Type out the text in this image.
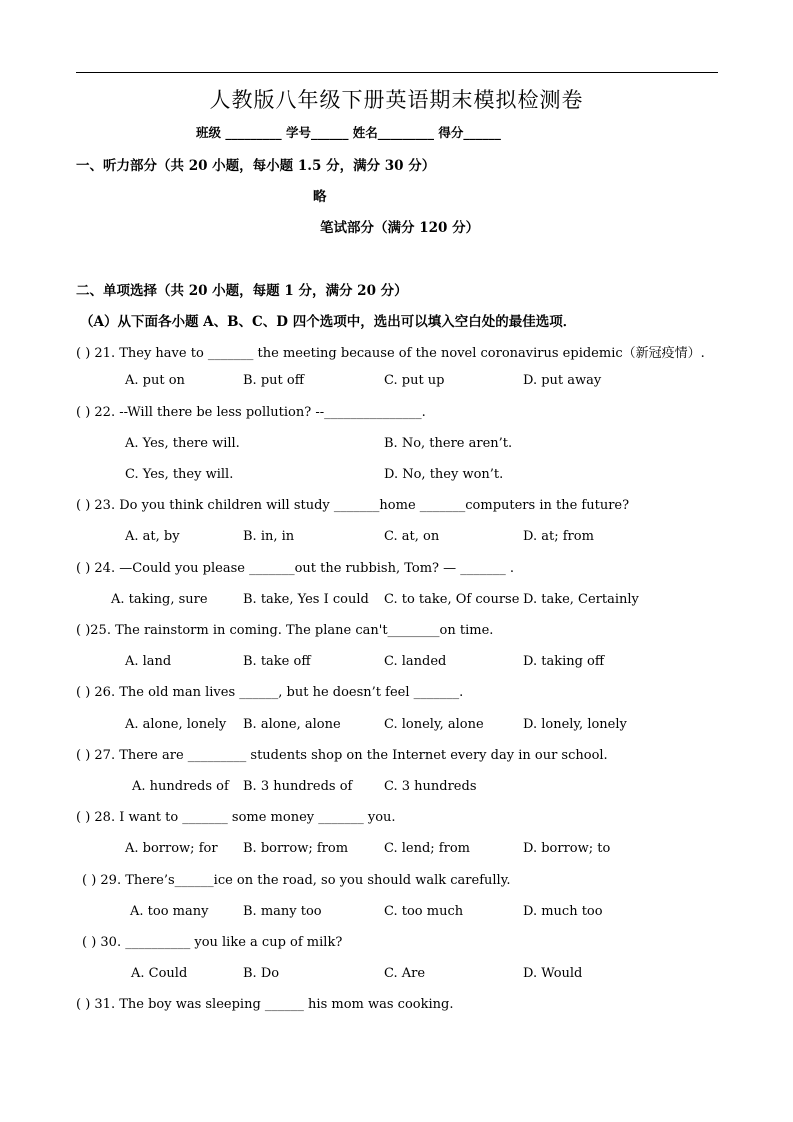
人教版八年级下册英语期末模拟检测卷
班级 _________ 学号______ 姓名_________ 得分______
一、听力部分（共 20 小题，每小题 1.5 分，满分 30 分）
略
笔试部分（满分 120 分）
二、单项选择（共 20 小题，每题 1 分，满分 20 分）
（A）从下面各小题 A、B、C、D 四个选项中，选出可以填入空白处的最佳选项．
( ) 21. They have to _______ the meeting because of the novel coronavirus epidemic（新冠疫情）.
A. put on	B. put off	C. put up	D. put away
( ) 22. --Will there be less pollution? --_______________.
A. Yes, there will.	B. No, there aren’t.
C. Yes, they will.	D. No, they won’t.
( ) 23. Do you think children will study _______home _______computers in the future?
A. at, by	B. in, in	C. at, on	D. at; from
( ) 24. —Could you please _______out the rubbish, Tom? — _______ .
A. taking, sure	B. take, Yes I could C. to take, Of course D. take, Certainly
( )25. The rainstorm in coming. The plane can't________on time.
A. land	B. take off	C. landed	D. taking off
( ) 26. The old man lives ______, but he doesn’t feel _______.
A. alone, lonely B. alone, alone	C. lonely, alone	D. lonely, lonely
( ) 27. There are _________ students shop on the Internet every day in our school.
A. hundreds of B. 3 hundreds of C. 3 hundreds
( ) 28. I want to _______ some money _______ you.
A. borrow; for B. borrow; from	C. lend; from	D. borrow; to
( ) 29. There’s______ice on the road, so you should walk carefully.
A. too many	B. many too	C. too much	D. much too
( ) 30. __________ you like a cup of milk?
A. Could	B. Do	C. Are	D. Would
( ) 31. The boy was sleeping ______ his mom was cooking.
